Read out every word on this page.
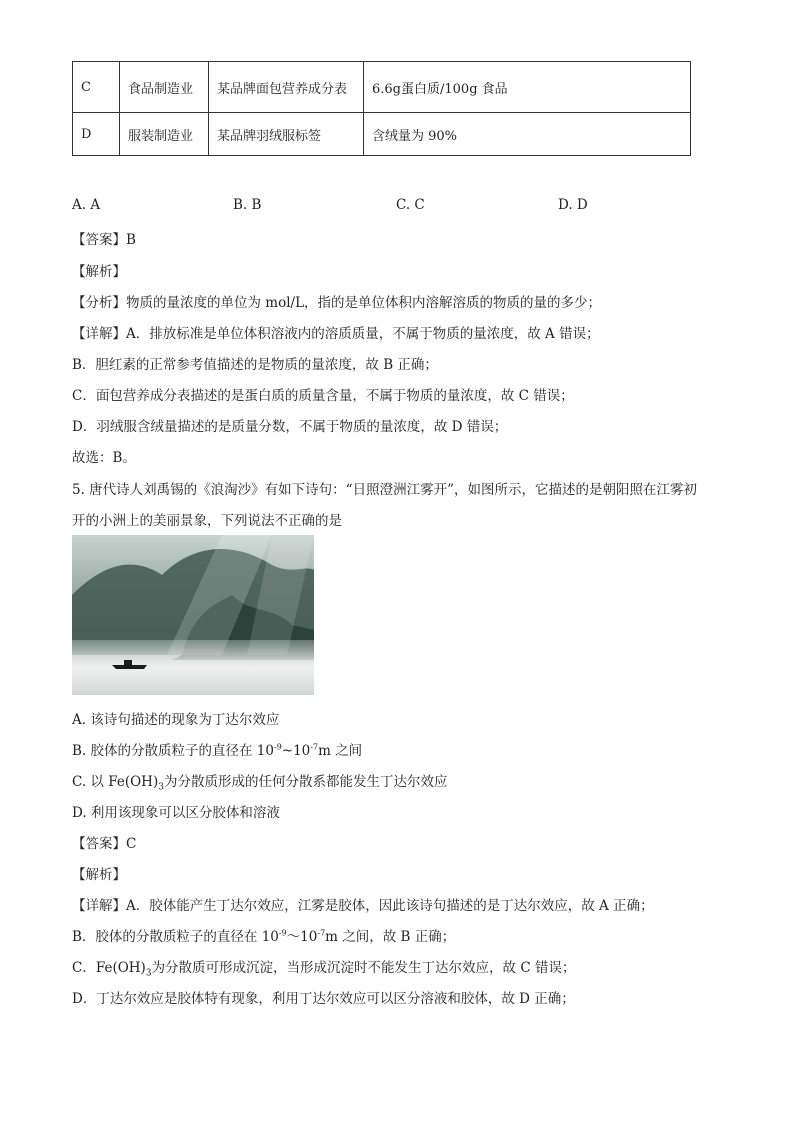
C	食品制造业	某品牌面包营养成分表	6.6g蛋白质/100g 食品
D	服装制造业	某品牌羽绒服标签	含绒量为 90%
A. A	B. B	C. C	D. D
【答案】B
【解析】
【分析】物质的量浓度的单位为 mol/L，指的是单位体积内溶解溶质的物质的量的多少；
【详解】A．排放标准是单位体积溶液内的溶质质量，不属于物质的量浓度，故 A 错误；
B．胆红素的正常参考值描述的是物质的量浓度，故 B 正确；
C．面包营养成分表描述的是蛋白质的质量含量，不属于物质的量浓度，故 C 错误；
D．羽绒服含绒量描述的是质量分数，不属于物质的量浓度，故 D 错误；
故选：B。
5. 唐代诗人刘禹锡的《浪淘沙》有如下诗句：“日照澄洲江雾开”，如图所示，它描述的是朝阳照在江雾初
开的小洲上的美丽景象，下列说法不正确的是
A. 该诗句描述的现象为丁达尔效应
B. 胶体的分散质粒子的直径在 $10^{-9}\sim 10^{-7}m$ 之间
C. 以 $Fe(OH)_3$为分散质形成的任何分散系都能发生丁达尔效应
D. 利用该现象可以区分胶体和溶液
【答案】C
【解析】
【详解】A．胶体能产生丁达尔效应，江雾是胶体，因此该诗句描述的是丁达尔效应，故 A 正确；
B．胶体的分散质粒子的直径在 $10^{-9}\sim 10^{-7}m$ 之间，故 B 正确；
C．$Fe(OH)_3$为分散质可形成沉淀，当形成沉淀时不能发生丁达尔效应，故 C 错误；
D．丁达尔效应是胶体特有现象，利用丁达尔效应可以区分溶液和胶体，故 D 正确；
